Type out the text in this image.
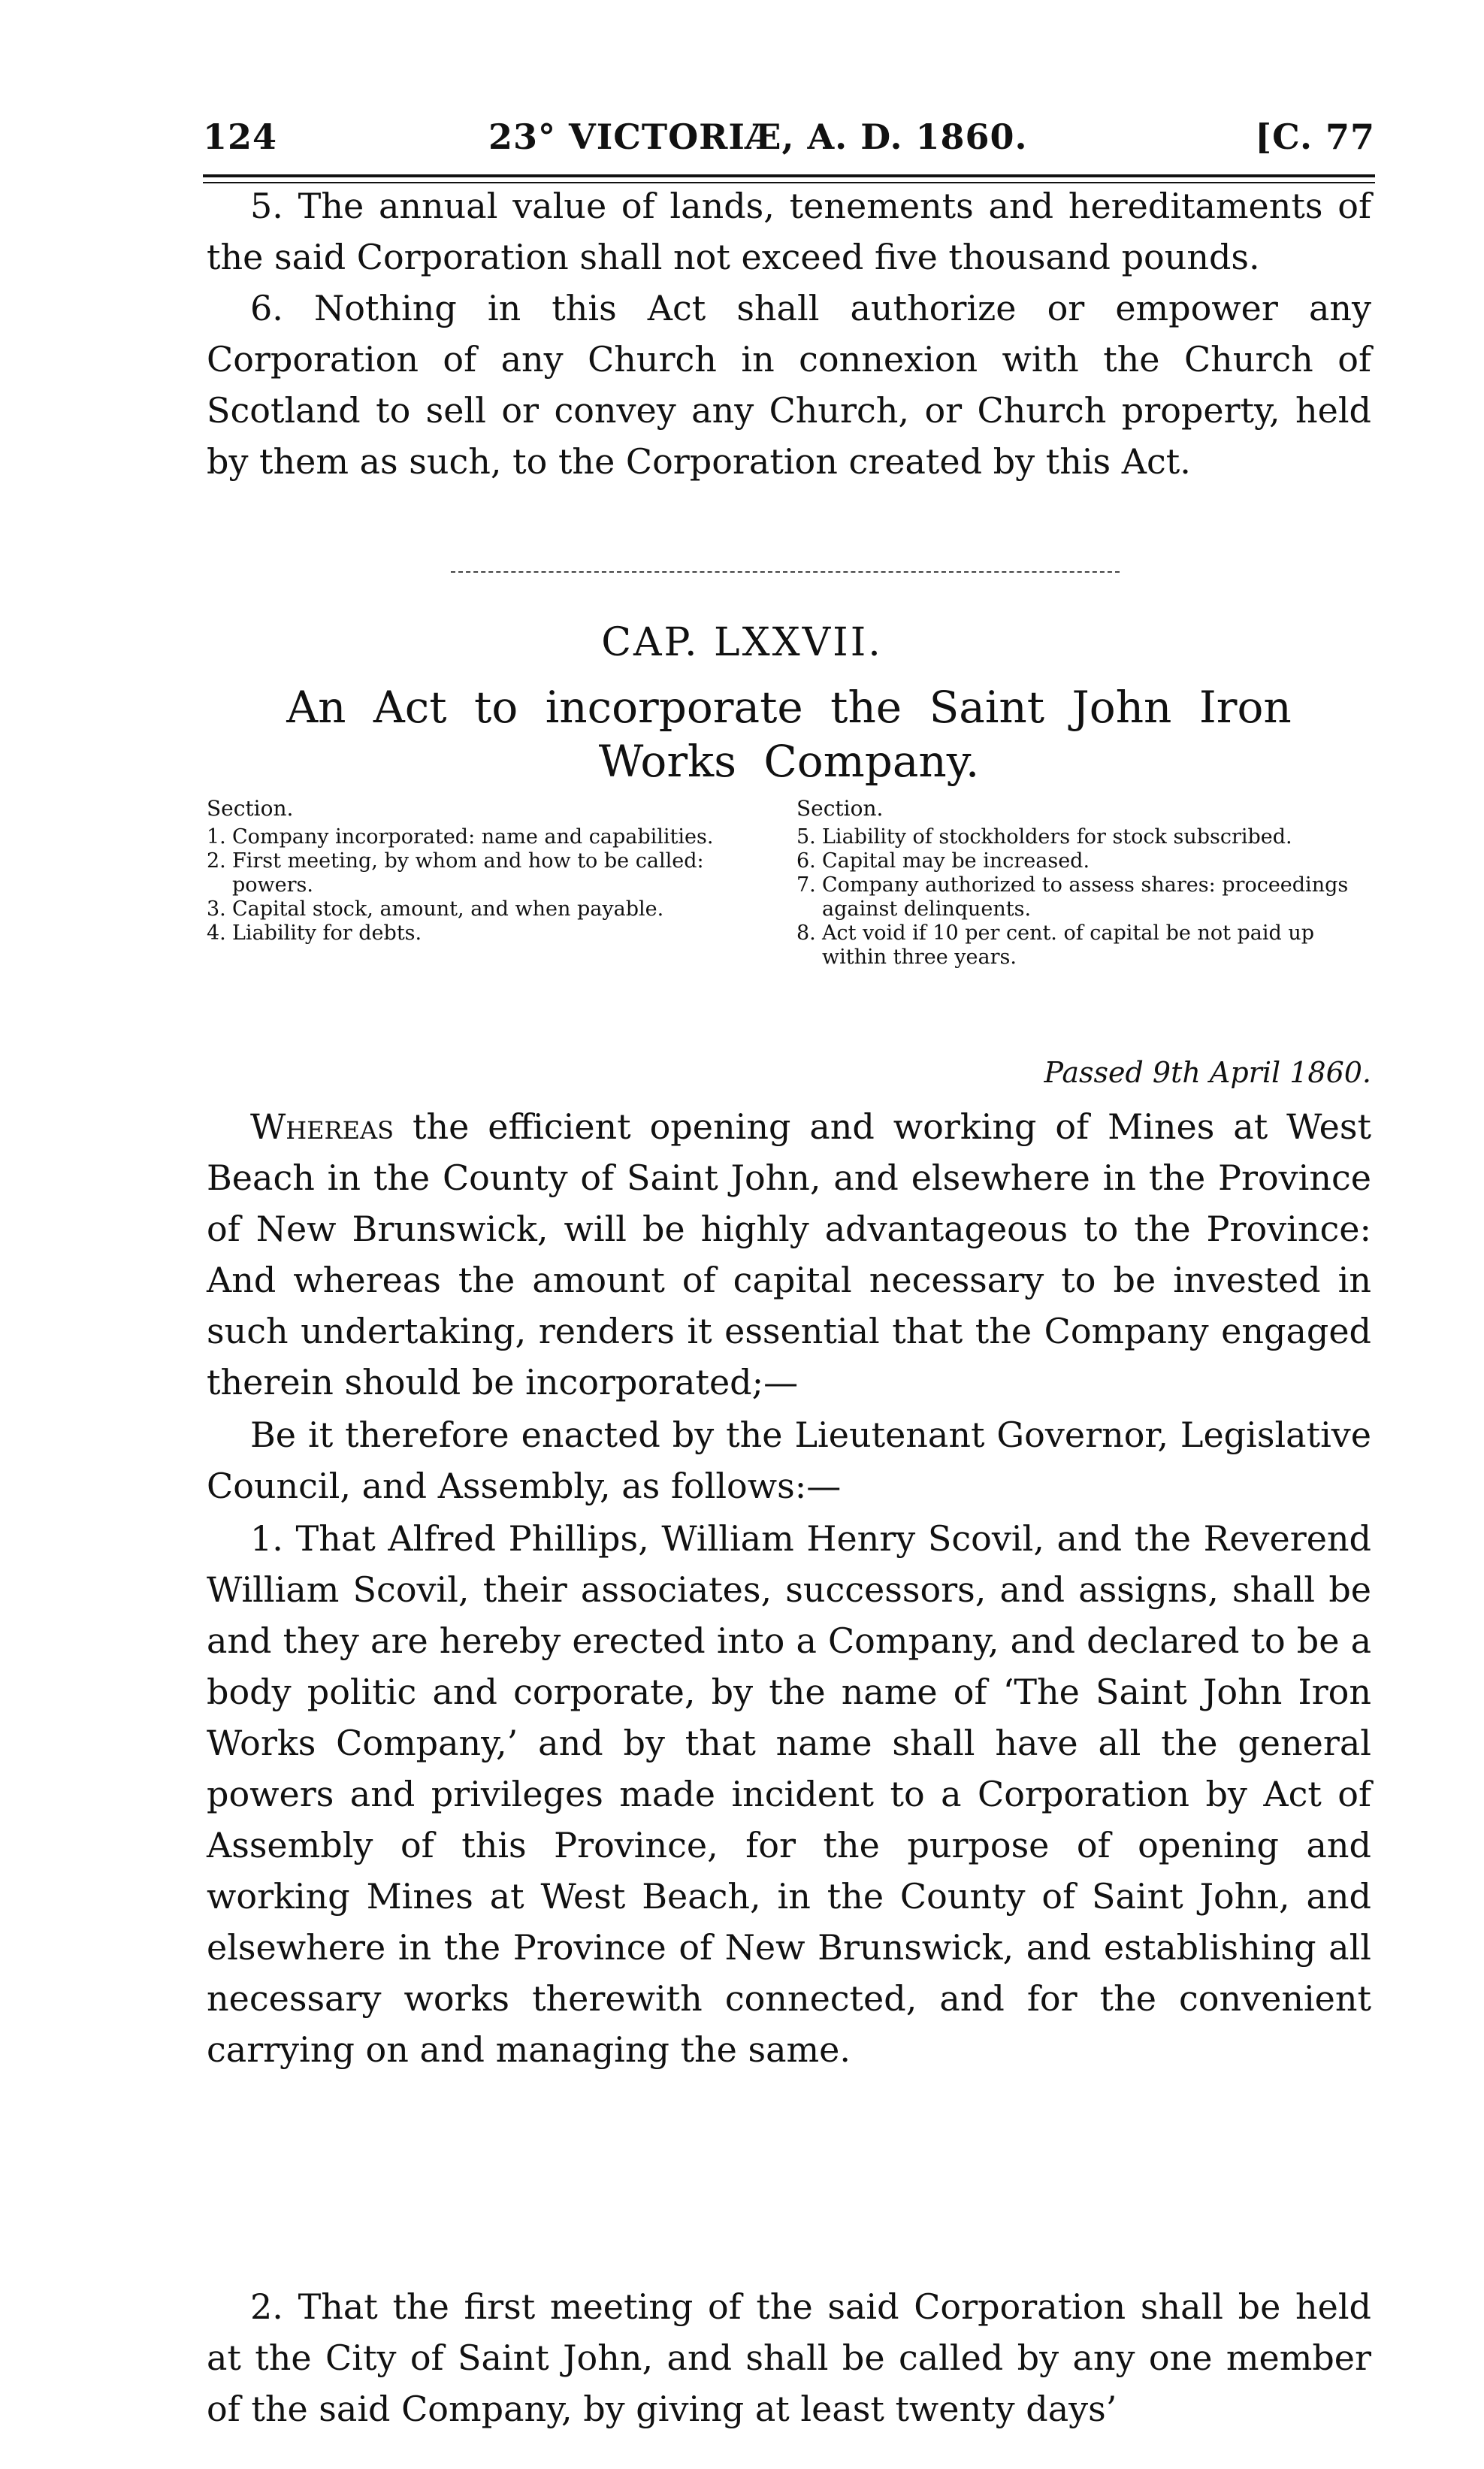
124	23° VICTORIÆ, A. D. 1860.	[C. 77

5. The annual value of lands, tenements and hereditaments of the said Corporation shall not exceed five thousand pounds.

6. Nothing in this Act shall authorize or empower any Corporation of any Church in connexion with the Church of Scotland to sell or convey any Church, or Church property, held by them as such, to the Corporation created by this Act.

CAP. LXXVII.
An Act to incorporate the Saint John Iron Works Company.
Section.
1. Company incorporated: name and capabilities.
2. First meeting, by whom and how to be called: powers.
3. Capital stock, amount, and when payable.
4. Liability for debts.
Section.
5. Liability of stockholders for stock subscribed.
6. Capital may be increased.
7. Company authorized to assess shares: proceedings against delinquents.
8. Act void if 10 per cent. of capital be not paid up within three years.
Passed 9th April 1860.

Whereas the efficient opening and working of Mines at West Beach in the County of Saint John, and elsewhere in the Province of New Brunswick, will be highly advantageous to the Province: And whereas the amount of capital necessary to be invested in such undertaking, renders it essential that the Company engaged therein should be incorporated;—

Be it therefore enacted by the Lieutenant Governor, Legislative Council, and Assembly, as follows:—

1. That Alfred Phillips, William Henry Scovil, and the Reverend William Scovil, their associates, successors, and assigns, shall be and they are hereby erected into a Company, and declared to be a body politic and corporate, by the name of ‘The Saint John Iron Works Company,’ and by that name shall have all the general powers and privileges made incident to a Corporation by Act of Assembly of this Province, for the purpose of opening and working Mines at West Beach, in the County of Saint John, and elsewhere in the Province of New Brunswick, and establishing all necessary works therewith connected, and for the convenient carrying on and managing the same.

2. That the first meeting of the said Corporation shall be held at the City of Saint John, and shall be called by any one member of the said Company, by giving at least twenty days’
